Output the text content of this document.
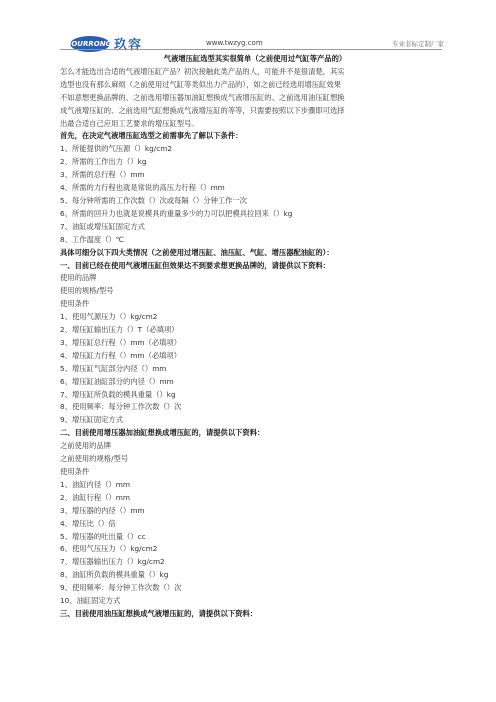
JOURRONG 玖容	www.twzyg.com	专业非标定制厂家
气液增压缸选型其实很简单（之前使用过气缸等产品的）
怎么才能选出合适的气液增压缸产品？初次接触此类产品的人，可能并不是很清楚，其实
选型也没有那么麻烦（之前使用过气缸等类似出力产品的），如之前已经选用增压缸效果
不如意想更换品牌的、之前选用增压器加油缸想换成气液增压缸的、之前选用油压缸想换
成气液增压缸的、之前选用气缸想换成气液增压缸的等等，只需要按照以下步骤即可选择
出最合适自己应用工艺要求的增压缸型号。
首先，在决定气液增压缸选型之前需事先了解以下条件：
1、所能提供的气压源（）kg/cm2
2、所需的工作出力（）kg
3、所需的总行程（）mm
4、所需的力行程也就是常说的高压力行程（）mm
5、每分钟所需的工作次数（）次或每隔（）分钟工作一次
6、所需的回升力也就是说模具的重量多少的力可以把模具拉回来（）kg
7、油缸或增压缸固定方式
8、工作温度（）℃
具体可细分以下四大类情况（之前使用过增压缸、油压缸、气缸、增压器配油缸的）：
一、目前已经在使用气液增压缸但效果达不到要求想更换品牌的，请提供以下资料：
使用的品牌
使用的规格/型号
使用条件
1、使用气源压力（）kg/cm2
2、增压缸输出压力（）T（必填项）
3、增压缸总行程（）mm（必填项）
4、增压缸力行程（）mm（必填项）
5、增压缸气缸部分内径（）mm
6、增压缸油缸部分的内径（）mm
7、增压缸所负载的模具重量（）kg
8、使用频率：每分钟工作次数（）次
9、增压缸固定方式
二、目前使用增压器加油缸想换成增压缸的，请提供以下资料：
之前使用的品牌
之前使用的规格/型号
使用条件
1、油缸内径（）mm
2、油缸行程（）mm
3、增压器的内径（）mm
4、增压比（）倍
5、增压器的吐出量（）cc
6、使用气压压力（）kg/cm2
7、增压器输出压力（）kg/cm2
8、油缸所负载的模具重量（）kg
9、使用频率：每分钟工作次数（）次
10、油缸固定方式
三、目前使用油压缸想换成气液增压缸的，请提供以下资料：
